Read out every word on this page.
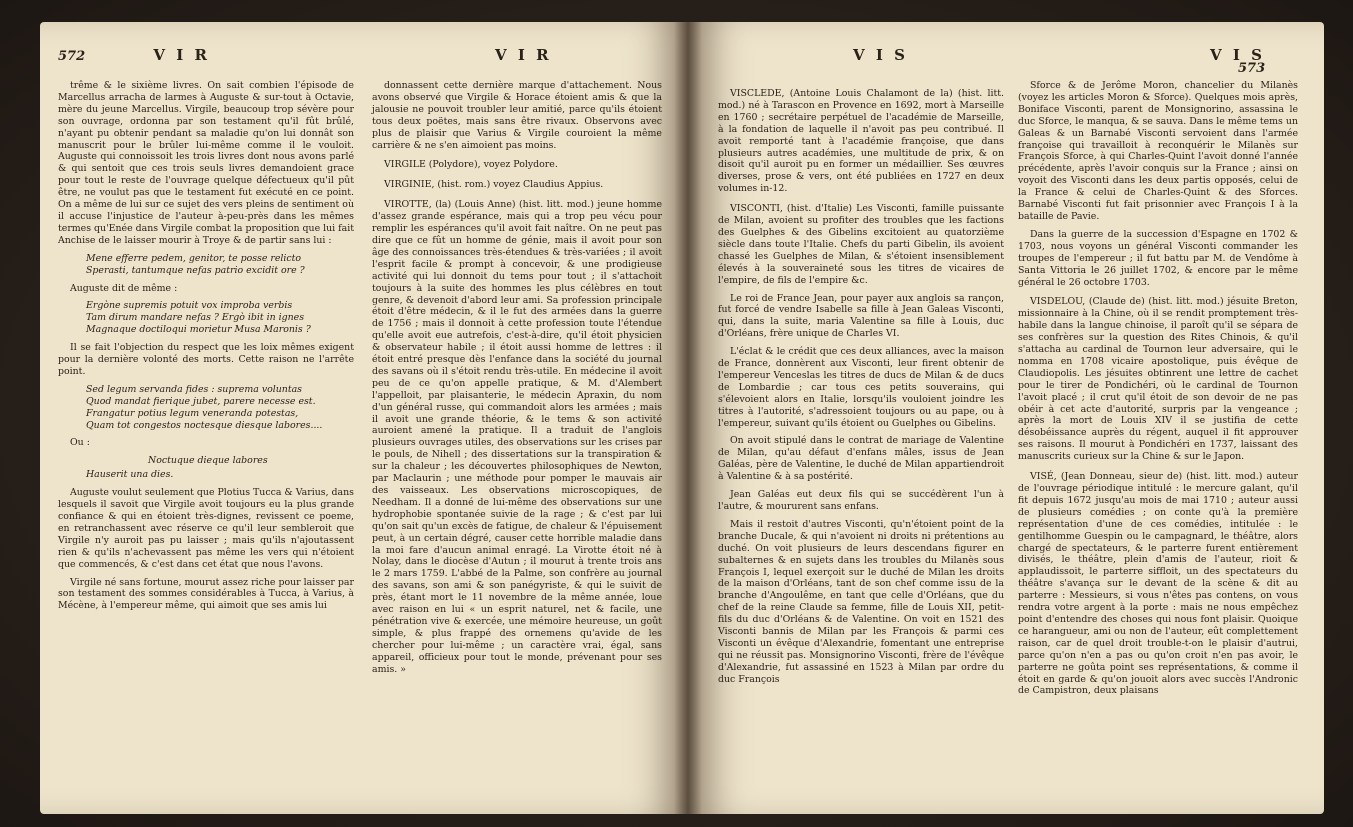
572	V I R	V I R

trême & le sixième livres. On sait combien l'épisode de Marcellus arracha de larmes à Auguste & sur-tout à Octavie, mère du jeune Marcellus. Virgile, beaucoup trop sévère pour son ouvrage, ordonna par son testament qu'il fût brûlé, n'ayant pu obtenir pendant sa maladie qu'on lui donnât son manuscrit pour le brûler lui-même comme il le vouloit. Auguste qui connoissoit les trois livres dont nous avons parlé & qui sentoit que ces trois seuls livres demandoient grace pour tout le reste de l'ouvrage quelque défectueux qu'il pût être, ne voulut pas que le testament fut exécuté en ce point. On a même de lui sur ce sujet des vers pleins de sentiment où il accuse l'injustice de l'auteur à-peu-près dans les mêmes termes qu'Enée dans Virgile combat la proposition que lui fait Anchise de le laisser mourir à Troye & de partir sans lui :

Mene efferre pedem, genitor, te posse relicto
Sperasti, tantumque nefas patrio excidit ore ?

Auguste dit de même :

Ergòne supremis potuit vox improba verbis
Tam dirum mandare nefas ? Ergò ibit in ignes
Magnaque doctiloqui morietur Musa Maronis ?

Il se fait l'objection du respect que les loix mêmes exigent pour la dernière volonté des morts. Cette raison ne l'arrête point.

Sed legum servanda fides : suprema voluntas
Quod mandat fierique jubet, parere necesse est.
Frangatur potius legum veneranda potestas,
Quam tot congestos noctesque diesque labores....

Ou :

Noctuque dieque labores
Hauserit una dies.

Auguste voulut seulement que Plotius Tucca & Varius, dans lesquels il savoit que Virgile avoit toujours eu la plus grande confiance & qui en étoient très-dignes, revissent ce poeme, en retranchassent avec réserve ce qu'il leur sembleroit que Virgile n'y auroit pas pu laisser ; mais qu'ils n'ajoutassent rien & qu'ils n'achevassent pas même les vers qui n'étoient que commencés, & c'est dans cet état que nous l'avons.

Virgile né sans fortune, mourut assez riche pour laisser par son testament des sommes considérables à Tucca, à Varius, à Mécène, à l'empereur même, qui aimoit que ses amis lui

donnassent cette dernière marque d'attachement. Nous avons observé que Virgile & Horace étoient amis & que la jalousie ne pouvoit troubler leur amitié, parce qu'ils étoient tous deux poëtes, mais sans être rivaux. Observons avec plus de plaisir que Varius & Virgile couroient la même carrière & ne s'en aimoient pas moins.

VIRGILE (Polydore), voyez Polydore.

VIRGINIE, (hist. rom.) voyez Claudius Appius.

VIROTTE, (la) (Louis Anne) (hist. litt. mod.) jeune homme d'assez grande espérance, mais qui a trop peu vécu pour remplir les espérances qu'il avoit fait naître. On ne peut pas dire que ce fût un homme de génie, mais il avoit pour son âge des connoissances très-étendues & très-variées ; il avoit l'esprit facile & prompt à concevoir, & une prodigieuse activité qui lui donnoit du tems pour tout ; il s'attachoit toujours à la suite des hommes les plus célèbres en tout genre, & devenoit d'abord leur ami. Sa profession principale étoit d'être médecin, & il le fut des armées dans la guerre de 1756 ; mais il donnoit à cette profession toute l'étendue qu'elle avoit eue autrefois, c'est-à-dire, qu'il étoit physicien & observateur habile ; il étoit aussi homme de lettres : il étoit entré presque dès l'enfance dans la société du journal des savans où il s'étoit rendu très-utile. En médecine il avoit peu de ce qu'on appelle pratique, & M. d'Alembert l'appelloit, par plaisanterie, le médecin Apraxin, du nom d'un général russe, qui commandoit alors les armées ; mais il avoit une grande théorie, & le tems & son activité auroient amené la pratique. Il a traduit de l'anglois plusieurs ouvrages utiles, des observations sur les crises par le pouls, de Nihell ; des dissertations sur la transpiration & sur la chaleur ; les découvertes philosophiques de Newton, par Maclaurin ; une méthode pour pomper le mauvais air des vaisseaux. Les observations microscopiques, de Needham. Il a donné de lui-même des observations sur une hydrophobie spontanée suivie de la rage ; & c'est par lui qu'on sait qu'un excès de fatigue, de chaleur & l'épuisement peut, à un certain dégré, causer cette horrible maladie dans la moi fare d'aucun animal enragé. La Virotte étoit né à Nolay, dans le diocèse d'Autun ; il mourut à trente trois ans le 2 mars 1759. L'abbé de la Palme, son confrère au journal des savans, son ami & son panégyriste, & qui le suivit de près, étant mort le 11 novembre de la même année, loue avec raison en lui « un esprit naturel, net & facile, une pénétration vive & exercée, une mémoire heureuse, un goût simple, & plus frappé des ornemens qu'avide de les chercher pour lui-même ; un caractère vrai, égal, sans appareil, officieux pour tout le monde, prévenant pour ses amis. »

V I S	V I S 573

VISCLEDE, (Antoine Louis Chalamont de la) (hist. litt. mod.) né à Tarascon en Provence en 1692, mort à Marseille en 1760 ; secrétaire perpétuel de l'académie de Marseille, à la fondation de laquelle il n'avoit pas peu contribué. Il avoit remporté tant à l'académie françoise, que dans plusieurs autres académies, une multitude de prix, & on disoit qu'il auroit pu en former un médaillier. Ses œuvres diverses, prose & vers, ont été publiées en 1727 en deux volumes in-12.

VISCONTI, (hist. d'Italie) Les Visconti, famille puissante de Milan, avoient su profiter des troubles que les factions des Guelphes & des Gibelins excitoient au quatorzième siècle dans toute l'Italie. Chefs du parti Gibelin, ils avoient chassé les Guelphes de Milan, & s'étoient insensiblement élevés à la souveraineté sous les titres de vicaires de l'empire, de fils de l'empire &c.

Le roi de France Jean, pour payer aux anglois sa rançon, fut forcé de vendre Isabelle sa fille à Jean Galeas Visconti, qui, dans la suite, maria Valentine sa fille à Louis, duc d'Orléans, frère unique de Charles VI.

L'éclat & le crédit que ces deux alliances, avec la maison de France, donnèrent aux Visconti, leur firent obtenir de l'empereur Venceslas les titres de ducs de Milan & de ducs de Lombardie ; car tous ces petits souverains, qui s'élevoient alors en Italie, lorsqu'ils vouloient joindre les titres à l'autorité, s'adressoient toujours ou au pape, ou à l'empereur, suivant qu'ils étoient ou Guelphes ou Gibelins.

On avoit stipulé dans le contrat de mariage de Valentine de Milan, qu'au défaut d'enfans mâles, issus de Jean Galéas, père de Valentine, le duché de Milan appartiendroit à Valentine & à sa postérité.

Jean Galéas eut deux fils qui se succédèrent l'un à l'autre, & moururent sans enfans.

Mais il restoit d'autres Visconti, qu'n'étoient point de la branche Ducale, & qui n'avoient ni droits ni prétentions au duché. On voit plusieurs de leurs descendans figurer en subalternes & en sujets dans les troubles du Milanès sous François I, lequel exerçoit sur le duché de Milan les droits de la maison d'Orléans, tant de son chef comme issu de la branche d'Angoulême, en tant que celle d'Orléans, que du chef de la reine Claude sa femme, fille de Louis XII, petit-fils du duc d'Orléans & de Valentine. On voit en 1521 des Visconti bannis de Milan par les François & parmi ces Visconti un évêque d'Alexandrie, fomentant une entreprise qui ne réussit pas. Monsignorino Visconti, frère de l'évêque d'Alexandrie, fut assassiné en 1523 à Milan par ordre du duc François

Sforce & de Jerôme Moron, chancelier du Milanès (voyez les articles Moron & Sforce). Quelques mois après, Boniface Visconti, parent de Monsignorino, assassina le duc Sforce, le manqua, & se sauva. Dans le même tems un Galeas & un Barnabé Visconti servoient dans l'armée françoise qui travailloit à reconquérir le Milanès sur François Sforce, à qui Charles-Quint l'avoit donné l'année précédente, après l'avoir conquis sur la France ; ainsi on voyoit des Visconti dans les deux partis opposés, celui de la France & celui de Charles-Quint & des Sforces. Barnabé Visconti fut fait prisonnier avec François I à la bataille de Pavie.

Dans la guerre de la succession d'Espagne en 1702 & 1703, nous voyons un général Visconti commander les troupes de l'empereur ; il fut battu par M. de Vendôme à Santa Vittoria le 26 juillet 1702, & encore par le même général le 26 octobre 1703.

VISDELOU, (Claude de) (hist. litt. mod.) jésuite Breton, missionnaire à la Chine, où il se rendit promptement très-habile dans la langue chinoise, il paroît qu'il se sépara de ses confrères sur la question des Rites Chinois, & qu'il s'attacha au cardinal de Tournon leur adversaire, qui le nomma en 1708 vicaire apostolique, puis évêque de Claudiopolis. Les jésuites obtinrent une lettre de cachet pour le tirer de Pondichéri, où le cardinal de Tournon l'avoit placé ; il crut qu'il étoit de son devoir de ne pas obéir à cet acte d'autorité, surpris par la vengeance ; après la mort de Louis XIV il se justifia de cette désobéissance auprès du régent, auquel il fit approuver ses raisons. Il mourut à Pondichéri en 1737, laissant des manuscrits curieux sur la Chine & sur le Japon.

VISÉ, (Jean Donneau, sieur de) (hist. litt. mod.) auteur de l'ouvrage périodique intitulé : le mercure galant, qu'il fit depuis 1672 jusqu'au mois de mai 1710 ; auteur aussi de plusieurs comédies ; on conte qu'à la première représentation d'une de ces comédies, intitulée : le gentilhomme Guespin ou le campagnard, le théâtre, alors chargé de spectateurs, & le parterre furent entièrement divisés, le théâtre, plein d'amis de l'auteur, rioit & applaudissoit, le parterre siffloit, un des spectateurs du théâtre s'avança sur le devant de la scène & dit au parterre : Messieurs, si vous n'êtes pas contens, on vous rendra votre argent à la porte : mais ne nous empêchez point d'entendre des choses qui nous font plaisir. Quoique ce harangueur, ami ou non de l'auteur, eût complettement raison, car de quel droit trouble-t-on le plaisir d'autrui, parce qu'on n'en a pas ou qu'on croit n'en pas avoir, le parterre ne goûta point ses représentations, & comme il étoit en garde & qu'on jouoit alors avec succès l'Andronic de Campistron, deux plaisans
